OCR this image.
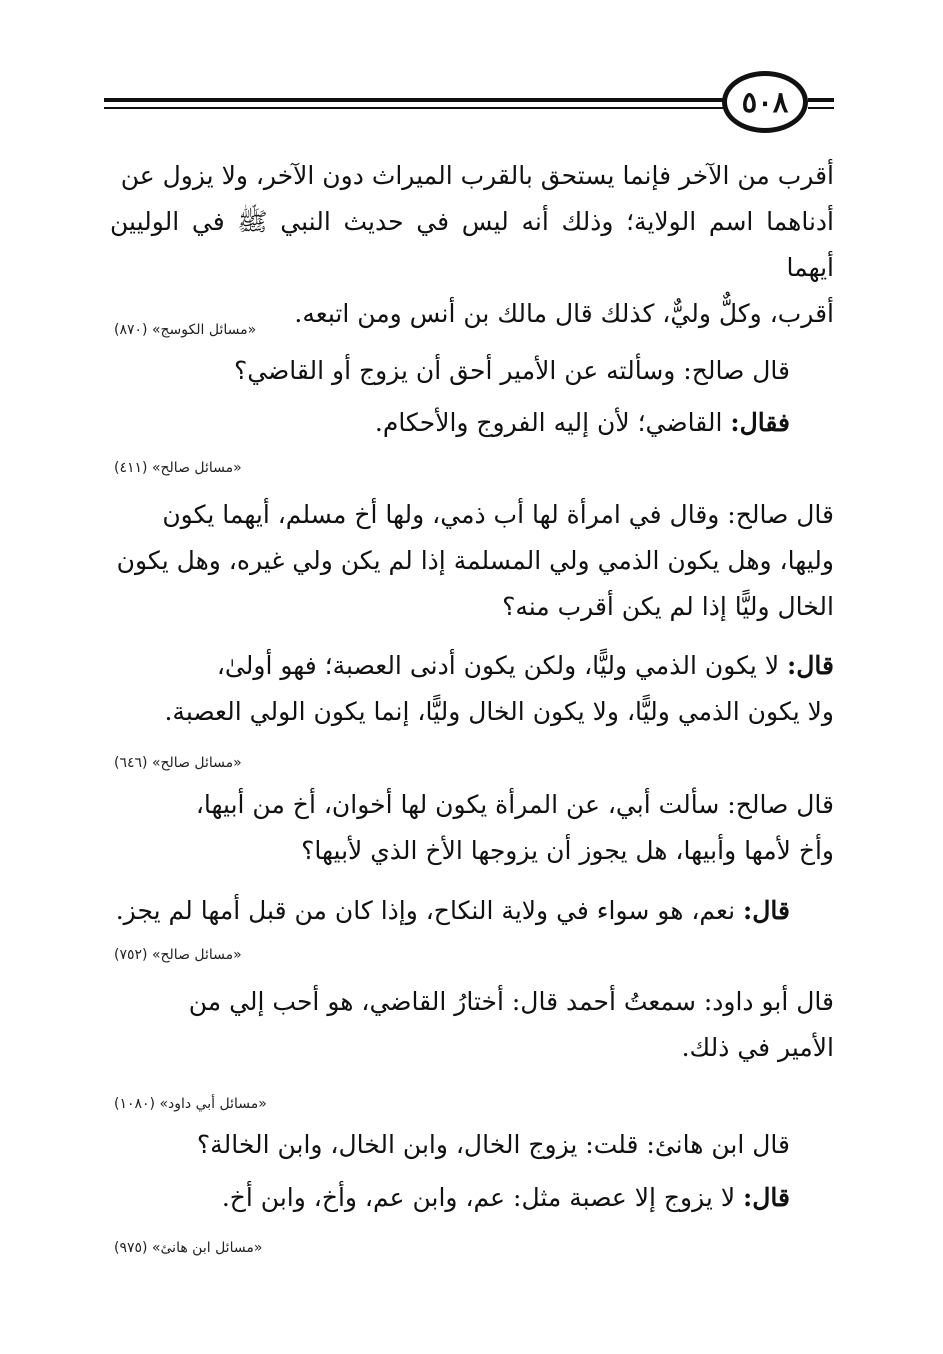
٥٠٨
أقرب من الآخر فإنما يستحق بالقرب الميراث دون الآخر، ولا يزول عن
أدناهما اسم الولاية؛ وذلك أنه ليس في حديث النبي ﷺ في الوليين أيهما
أقرب، وكلٌّ وليٌّ، كذلك قال مالك بن أنس ومن اتبعه.
«مسائل الكوسج» (٨٧٠)
قال صالح: وسألته عن الأمير أحق أن يزوج أو القاضي؟
فقال: القاضي؛ لأن إليه الفروج والأحكام.
«مسائل صالح» (٤١١)
قال صالح: وقال في امرأة لها أب ذمي، ولها أخ مسلم، أيهما يكون
وليها، وهل يكون الذمي ولي المسلمة إذا لم يكن ولي غيره، وهل يكون
الخال وليًّا إذا لم يكن أقرب منه؟
قال: لا يكون الذمي وليًّا، ولكن يكون أدنى العصبة؛ فهو أولىٰ،
ولا يكون الذمي وليًّا، ولا يكون الخال وليًّا، إنما يكون الولي العصبة.
«مسائل صالح» (٦٤٦)
قال صالح: سألت أبي، عن المرأة يكون لها أخوان، أخ من أبيها،
وأخ لأمها وأبيها، هل يجوز أن يزوجها الأخ الذي لأبيها؟
قال: نعم، هو سواء في ولاية النكاح، وإذا كان من قبل أمها لم يجز.
«مسائل صالح» (٧٥٢)
قال أبو داود: سمعتُ أحمد قال: أختارُ القاضي، هو أحب إلي من
الأمير في ذلك.
«مسائل أبي داود» (١٠٨٠)
قال ابن هانئ: قلت: يزوج الخال، وابن الخال، وابن الخالة؟
قال: لا يزوج إلا عصبة مثل: عم، وابن عم، وأخ، وابن أخ.
«مسائل ابن هانئ» (٩٧٥)
